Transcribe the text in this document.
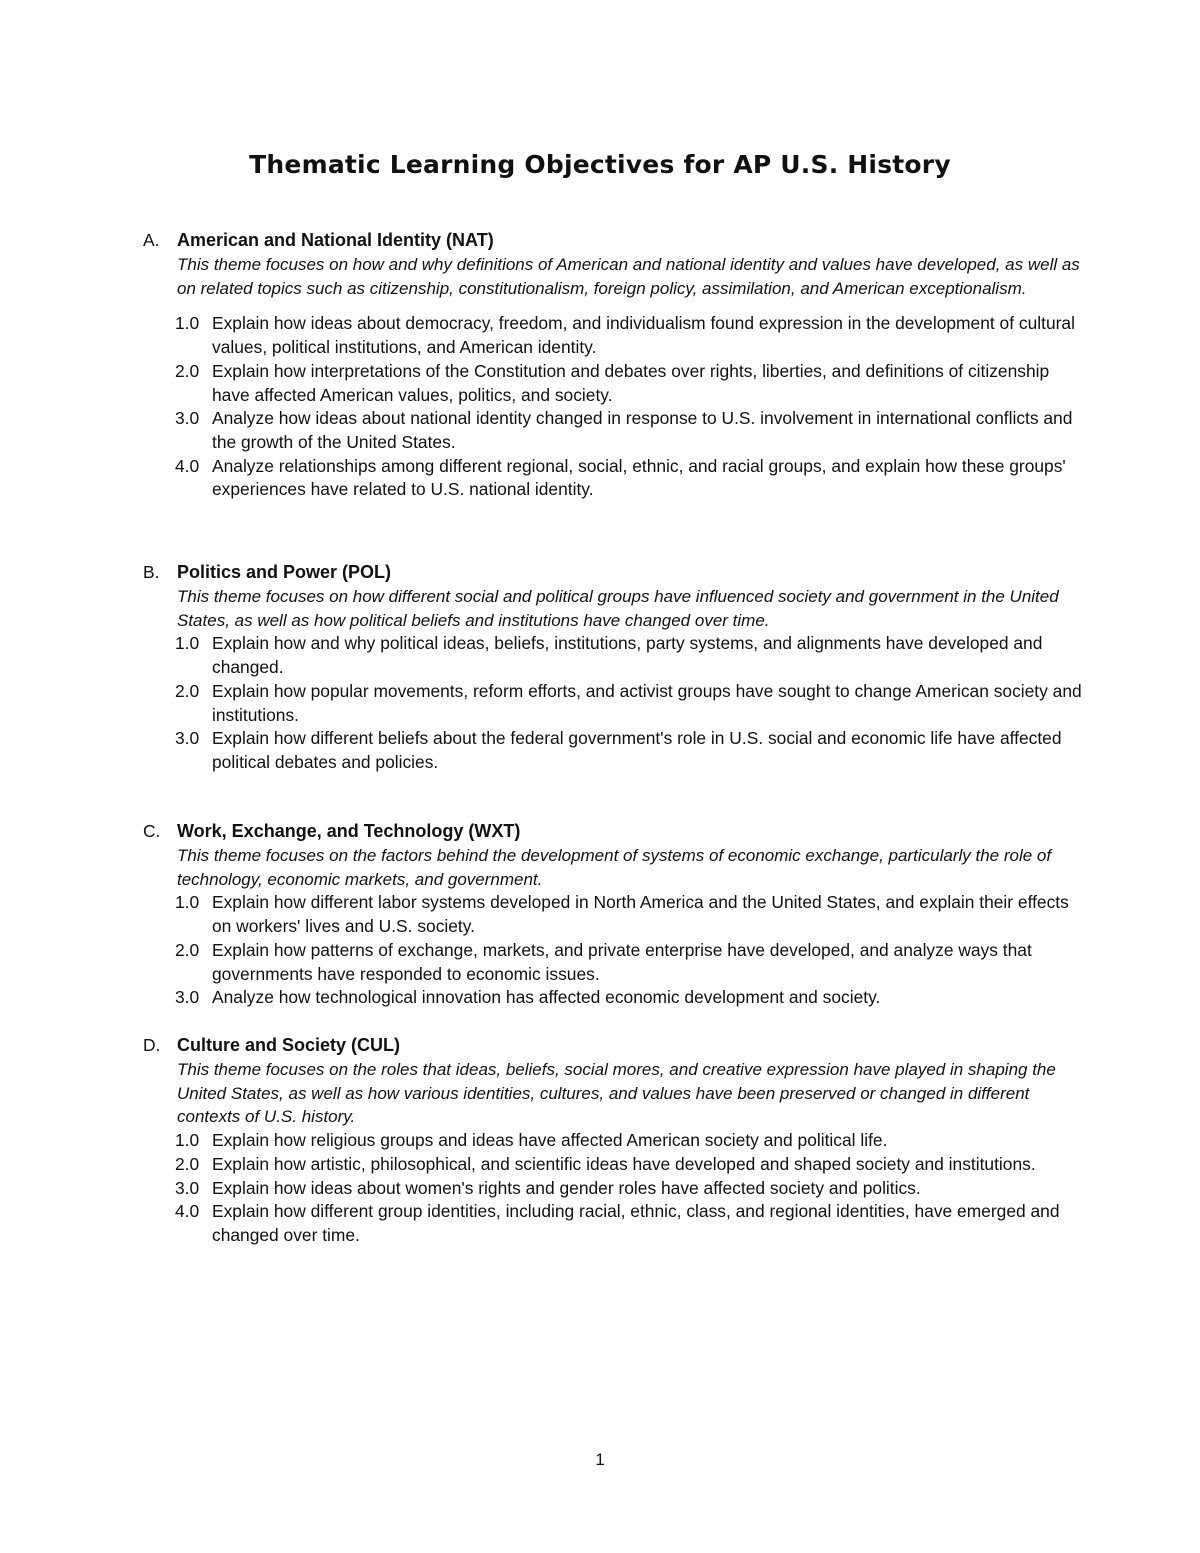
Thematic Learning Objectives for AP U.S. History
A. American and National Identity (NAT)
This theme focuses on how and why definitions of American and national identity and values have developed, as well as on related topics such as citizenship, constitutionalism, foreign policy, assimilation, and American exceptionalism.
1.0 Explain how ideas about democracy, freedom, and individualism found expression in the development of cultural values, political institutions, and American identity.
2.0 Explain how interpretations of the Constitution and debates over rights, liberties, and definitions of citizenship have affected American values, politics, and society.
3.0 Analyze how ideas about national identity changed in response to U.S. involvement in international conflicts and the growth of the United States.
4.0 Analyze relationships among different regional, social, ethnic, and racial groups, and explain how these groups' experiences have related to U.S. national identity.
B. Politics and Power (POL)
This theme focuses on how different social and political groups have influenced society and government in the United States, as well as how political beliefs and institutions have changed over time.
1.0 Explain how and why political ideas, beliefs, institutions, party systems, and alignments have developed and changed.
2.0 Explain how popular movements, reform efforts, and activist groups have sought to change American society and institutions.
3.0 Explain how different beliefs about the federal government's role in U.S. social and economic life have affected political debates and policies.
C. Work, Exchange, and Technology (WXT)
This theme focuses on the factors behind the development of systems of economic exchange, particularly the role of technology, economic markets, and government.
1.0 Explain how different labor systems developed in North America and the United States, and explain their effects on workers' lives and U.S. society.
2.0 Explain how patterns of exchange, markets, and private enterprise have developed, and analyze ways that governments have responded to economic issues.
3.0 Analyze how technological innovation has affected economic development and society.
D. Culture and Society (CUL)
This theme focuses on the roles that ideas, beliefs, social mores, and creative expression have played in shaping the United States, as well as how various identities, cultures, and values have been preserved or changed in different contexts of U.S. history.
1.0 Explain how religious groups and ideas have affected American society and political life.
2.0 Explain how artistic, philosophical, and scientific ideas have developed and shaped society and institutions.
3.0 Explain how ideas about women's rights and gender roles have affected society and politics.
4.0 Explain how different group identities, including racial, ethnic, class, and regional identities, have emerged and changed over time.
1
